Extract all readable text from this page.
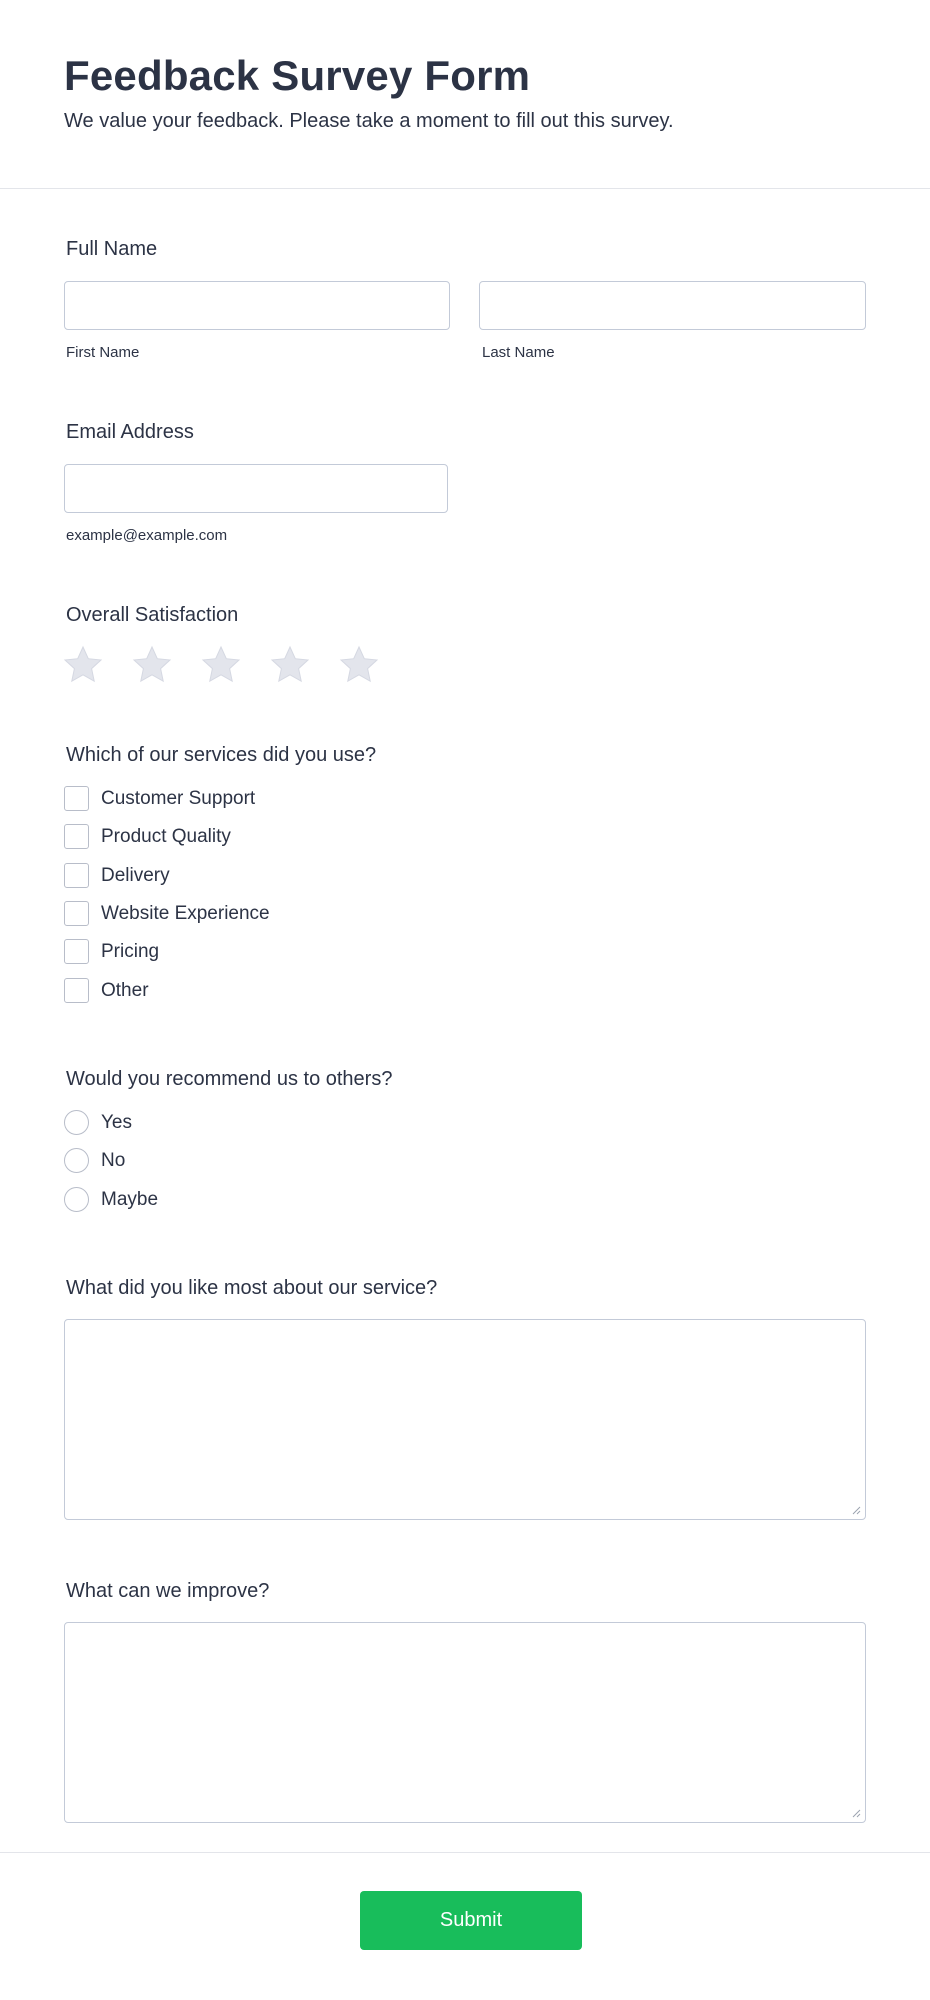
Feedback Survey Form
We value your feedback. Please take a moment to fill out this survey.
Full Name
First Name	Last Name
Email Address
example@example.com
Overall Satisfaction
Which of our services did you use?
Customer Support
Product Quality
Delivery
Website Experience
Pricing
Other
Would you recommend us to others?
Yes
No
Maybe
What did you like most about our service?
What can we improve?
Submit
